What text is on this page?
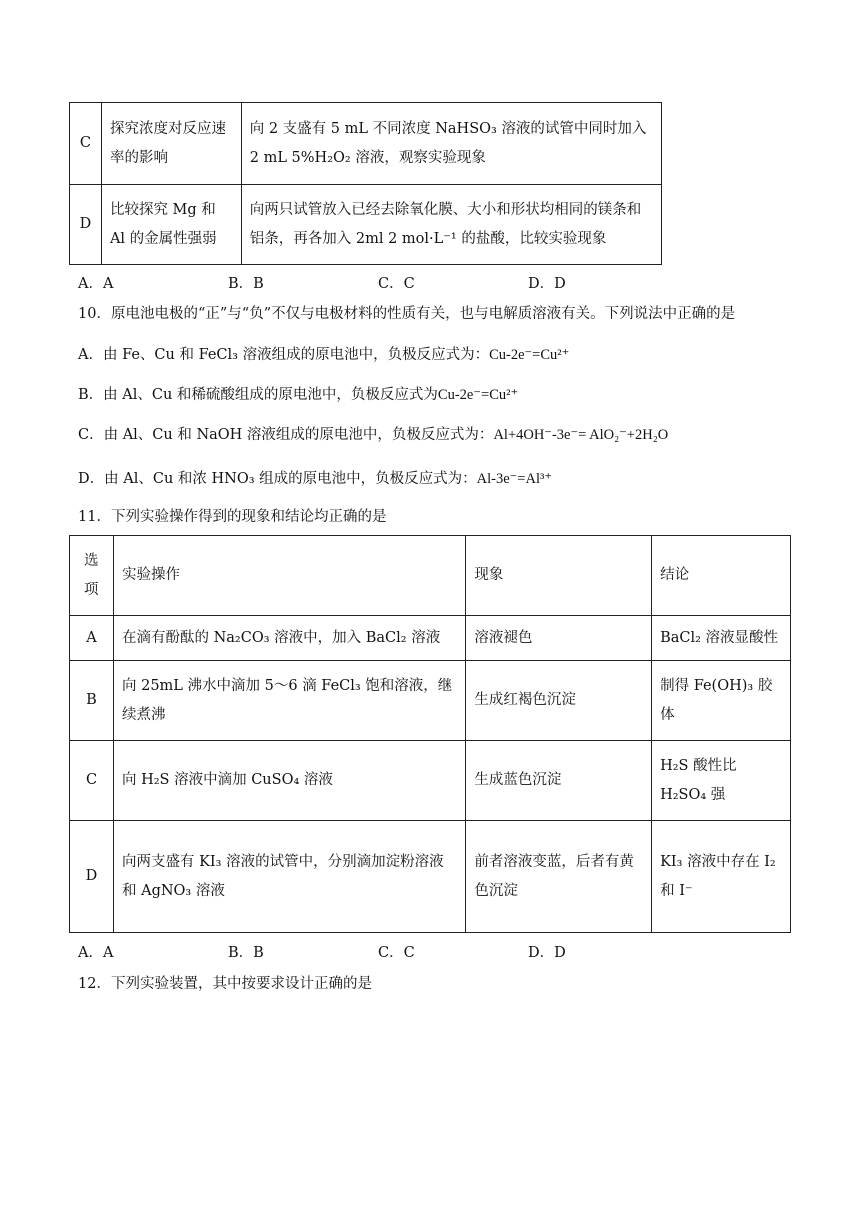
C	探究浓度对反应速率的影响	向 2 支盛有 5 mL 不同浓度 NaHSO₃ 溶液的试管中同时加入 2 mL 5%H₂O₂ 溶液，观察实验现象
D	比较探究 Mg 和 Al 的金属性强弱	向两只试管放入已经去除氧化膜、大小和形状均相同的镁条和铝条，再各加入 2ml 2 mol·L⁻¹ 的盐酸，比较实验现象
A．A	B．B	C．C	D．D
10．原电池电极的“正”与“负”不仅与电极材料的性质有关，也与电解质溶液有关。下列说法中正确的是
A．由 Fe、Cu 和 FeCl₃ 溶液组成的原电池中，负极反应式为：Cu-2e⁻=Cu²⁺
B．由 Al、Cu 和稀硫酸组成的原电池中，负极反应式为Cu-2e⁻=Cu²⁺
C．由 Al、Cu 和 NaOH 溶液组成的原电池中，负极反应式为：Al+4OH⁻-3e⁻= AlO₂⁻+2H₂O
D．由 Al、Cu 和浓 HNO₃ 组成的原电池中，负极反应式为：Al-3e⁻=Al³⁺
11．下列实验操作得到的现象和结论均正确的是
选项	实验操作	现象	结论
A	在滴有酚酞的 Na₂CO₃ 溶液中，加入 BaCl₂ 溶液	溶液褪色	BaCl₂ 溶液显酸性
B	向 25mL 沸水中滴加 5～6 滴 FeCl₃ 饱和溶液，继续煮沸	生成红褐色沉淀	制得 Fe(OH)₃ 胶体
C	向 H₂S 溶液中滴加 CuSO₄ 溶液	生成蓝色沉淀	H₂S 酸性比 H₂SO₄ 强
D	向两支盛有 KI₃ 溶液的试管中，分别滴加淀粉溶液和 AgNO₃ 溶液	前者溶液变蓝，后者有黄色沉淀	KI₃ 溶液中存在 I₂ 和 I⁻
A．A	B．B	C．C	D．D
12．下列实验装置，其中按要求设计正确的是
